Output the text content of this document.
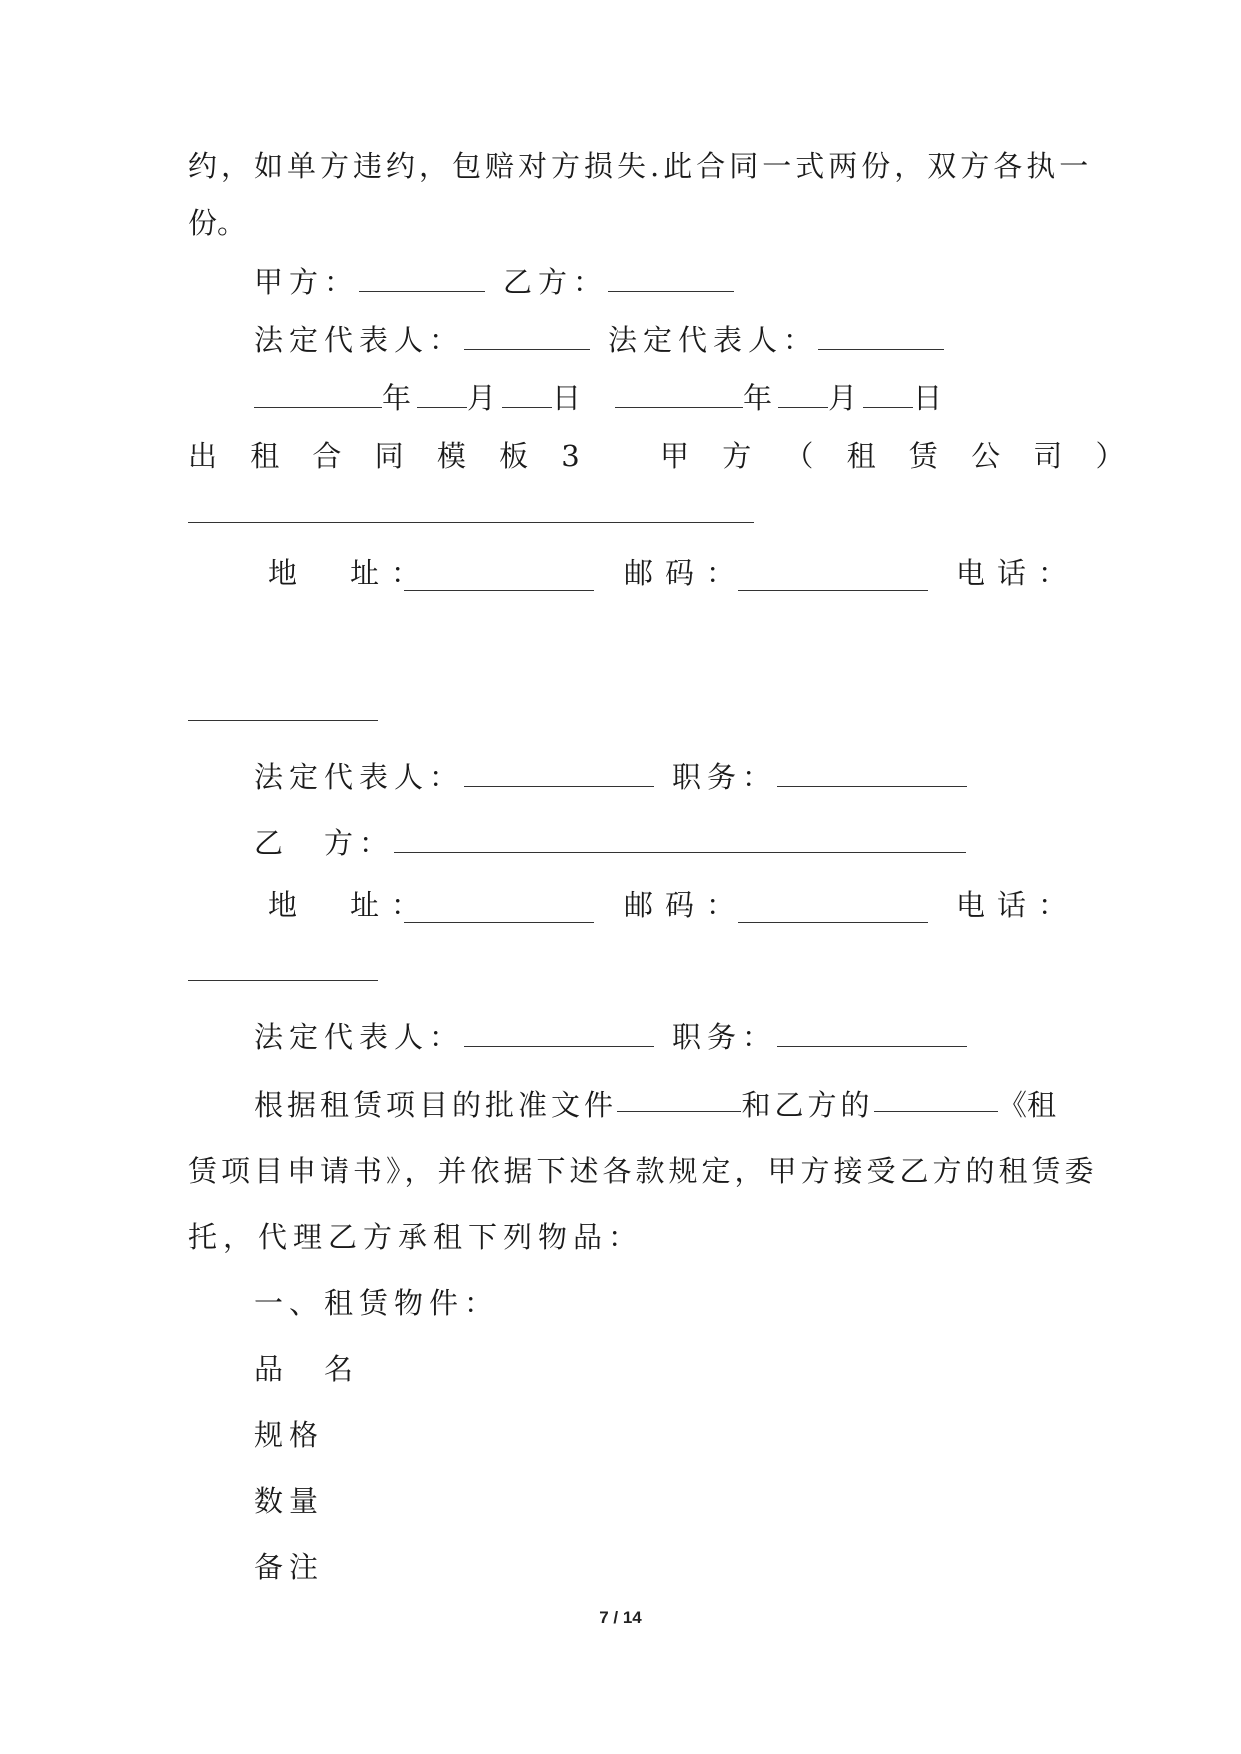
约，如单方违约，包赔对方损失.此合同一式两份，双方各执一
份。
甲方：	乙方：
法定代表人：	法定代表人：
年 月 日	年 月 日
出 租 合 同 模 板 3 甲 方 （ 租 赁 公 司 ）
地　址：	邮码：	电话：
法定代表人：	职务：
乙　方：
地　址：	邮码：	电话：
法定代表人：	职务：
根据租赁项目的批准文件	和乙方的	《租
赁项目申请书》，并依据下述各款规定，甲方接受乙方的租赁委
托，代理乙方承租下列物品：
一、租赁物件：
品　名
规格
数量
备注
7 / 14
